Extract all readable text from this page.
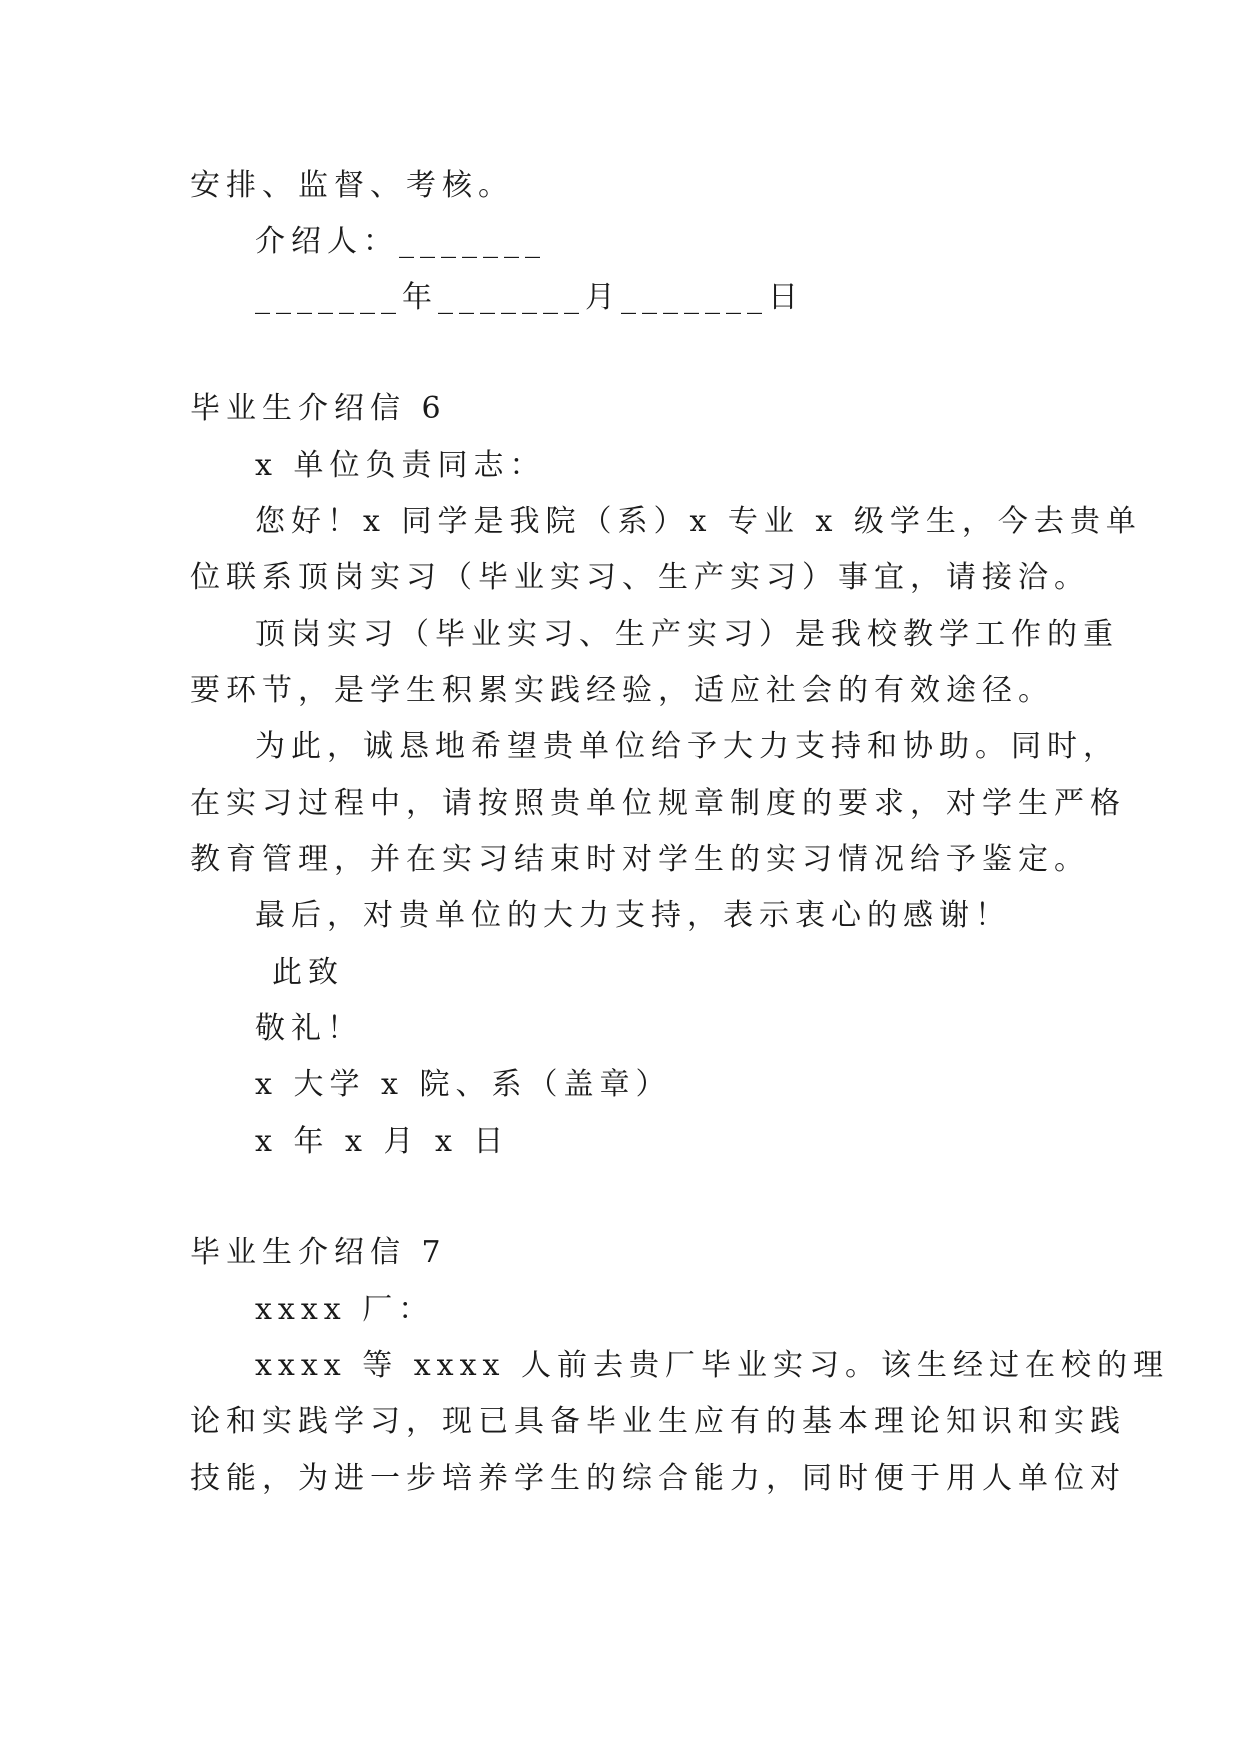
安排、监督、考核。
介绍人：_______
_______年_______月_______日
毕业生介绍信 6
x 单位负责同志：
您好！x 同学是我院（系）x 专业 x 级学生，今去贵单
位联系顶岗实习（毕业实习、生产实习）事宜，请接洽。
顶岗实习（毕业实习、生产实习）是我校教学工作的重
要环节，是学生积累实践经验，适应社会的有效途径。
为此，诚恳地希望贵单位给予大力支持和协助。同时，
在实习过程中，请按照贵单位规章制度的要求，对学生严格
教育管理，并在实习结束时对学生的实习情况给予鉴定。
最后，对贵单位的大力支持，表示衷心的感谢！
此致
敬礼！
x 大学 x 院、系（盖章）
x 年 x 月 x 日
毕业生介绍信 7
xxxx 厂：
xxxx 等 xxxx 人前去贵厂毕业实习。该生经过在校的理
论和实践学习，现已具备毕业生应有的基本理论知识和实践
技能，为进一步培养学生的综合能力，同时便于用人单位对
